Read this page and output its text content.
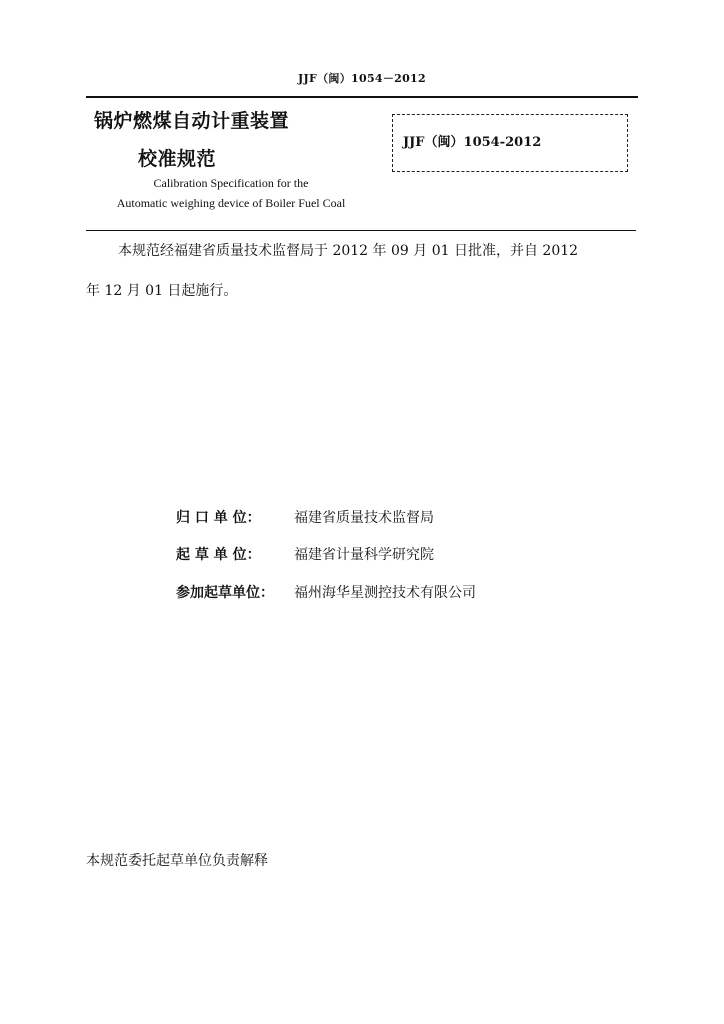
JJF（闽）1054－2012
锅炉燃煤自动计重装置
校准规范
Calibration Specification for the
Automatic weighing device of Boiler Fuel Coal
JJF（闽）1054-2012
本规范经福建省质量技术监督局于 2012 年 09 月 01 日批准，并自 2012
年 12 月 01 日起施行。
归 口 单 位： 福建省质量技术监督局
起 草 单 位： 福建省计量科学研究院
参加起草单位： 福州海华星测控技术有限公司
本规范委托起草单位负责解释
